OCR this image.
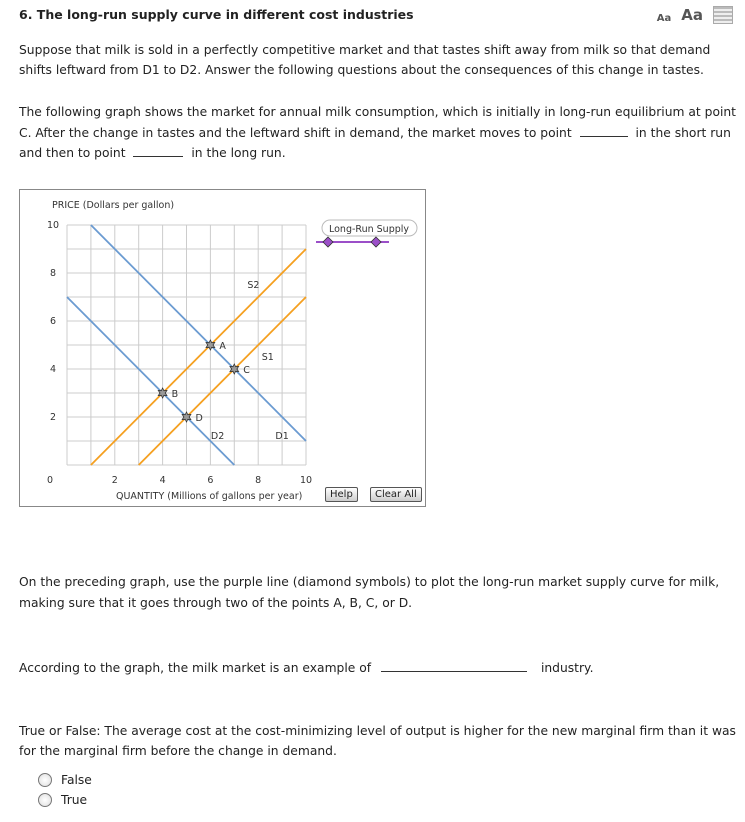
6. The long-run supply curve in different cost industries	Aa Aa
Suppose that milk is sold in a perfectly competitive market and that tastes shift away from milk so that demand
shifts leftward from D1 to D2. Answer the following questions about the consequences of this change in tastes.
The following graph shows the market for annual milk consumption, which is initially in long-run equilibrium at point
C. After the change in tastes and the leftward shift in demand, the market moves to point	in the short run
and then to point	in the long run.
0	2	4	6	8	10
2
4
6
8
10
PRICE (Dollars per gallon)
QUANTITY (Millions of gallons per year)
D1
D2
S2
S1
A
B
C
D
Long-Run Supply
Help	Clear All
On the preceding graph, use the purple line (diamond symbols) to plot the long-run market supply curve for milk,
making sure that it goes through two of the points A, B, C, or D.
According to the graph, the milk market is an example of	industry.
True or False: The average cost at the cost-minimizing level of output is higher for the new marginal firm than it was
for the marginal firm before the change in demand.
False
True
